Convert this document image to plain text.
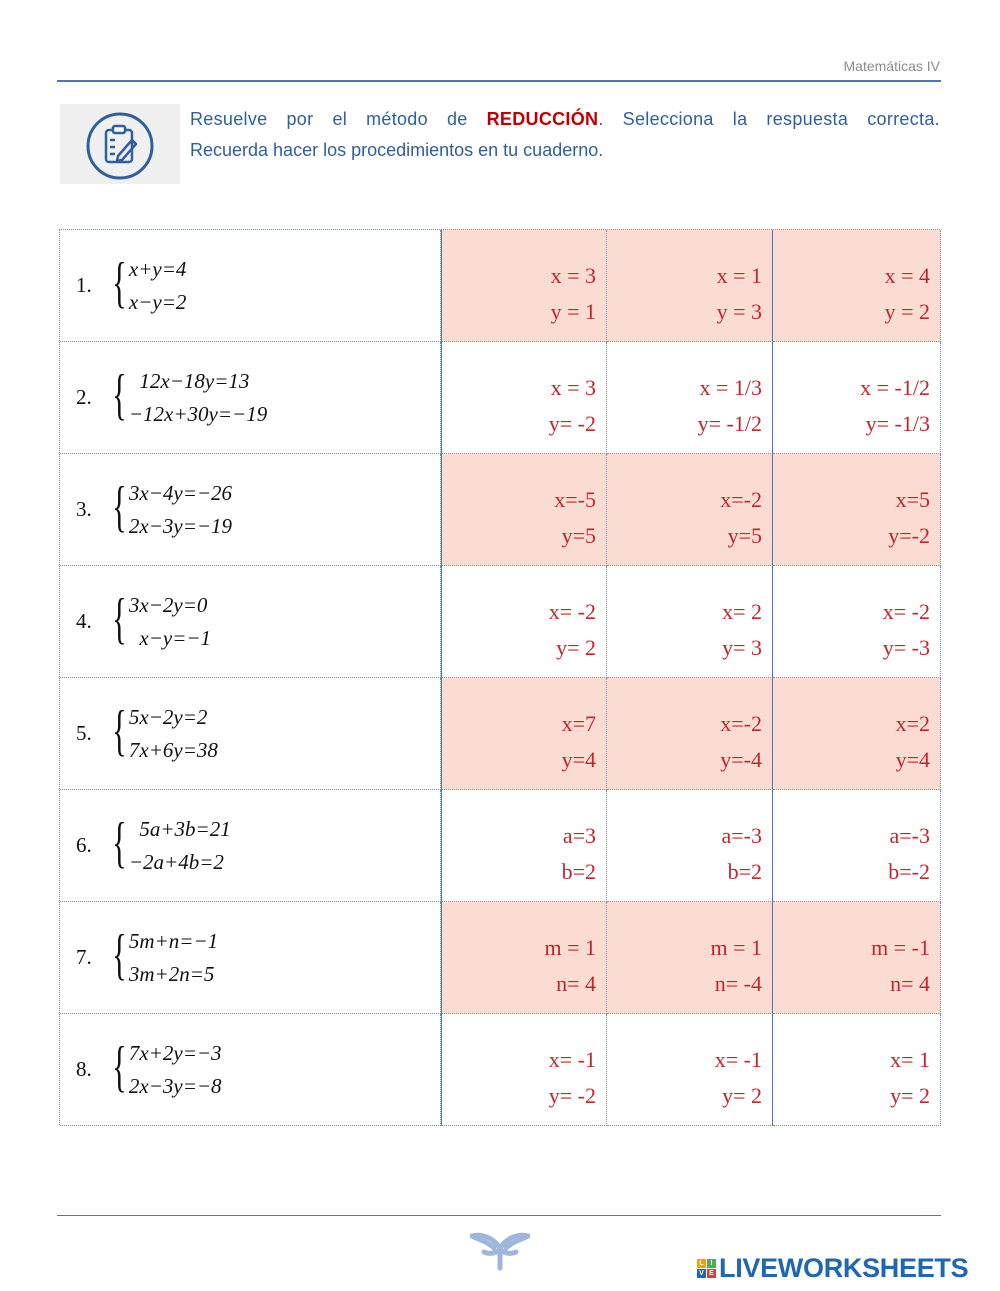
Matemáticas IV
Resuelve por el método de REDUCCIÓN. Selecciona la respuesta correcta.
Recuerda hacer los procedimientos en tu cuaderno.
1. { x+y=4
x−y=2
x = 3
y = 1
x = 1
y = 3
x = 4
y = 2
2. { 12x−18y=13
−12x+30y=−19
x = 3
y= -2
x = 1/3
y= -1/2
x = -1/2
y= -1/3
3. { 3x−4y=−26
2x−3y=−19
x=-5
y=5
x=-2
y=5
x=5
y=-2
4. { 3x−2y=0
x−y=−1
x= -2
y= 2
x= 2
y= 3
x= -2
y= -3
5. { 5x−2y=2
7x+6y=38
x=7
y=4
x=-2
y=-4
x=2
y=4
6. { 5a+3b=21
−2a+4b=2
a=3
b=2
a=-3
b=2
a=-3
b=-2
7. { 5m+n=−1
3m+2n=5
m = 1
n= 4
m = 1
n= -4
m = -1
n= 4
8. { 7x+2y=−3
2x−3y=−8
x= -1
y= -2
x= -1
y= 2
x= 1
y= 2
L I
V E LIVEWORKSHEETS
